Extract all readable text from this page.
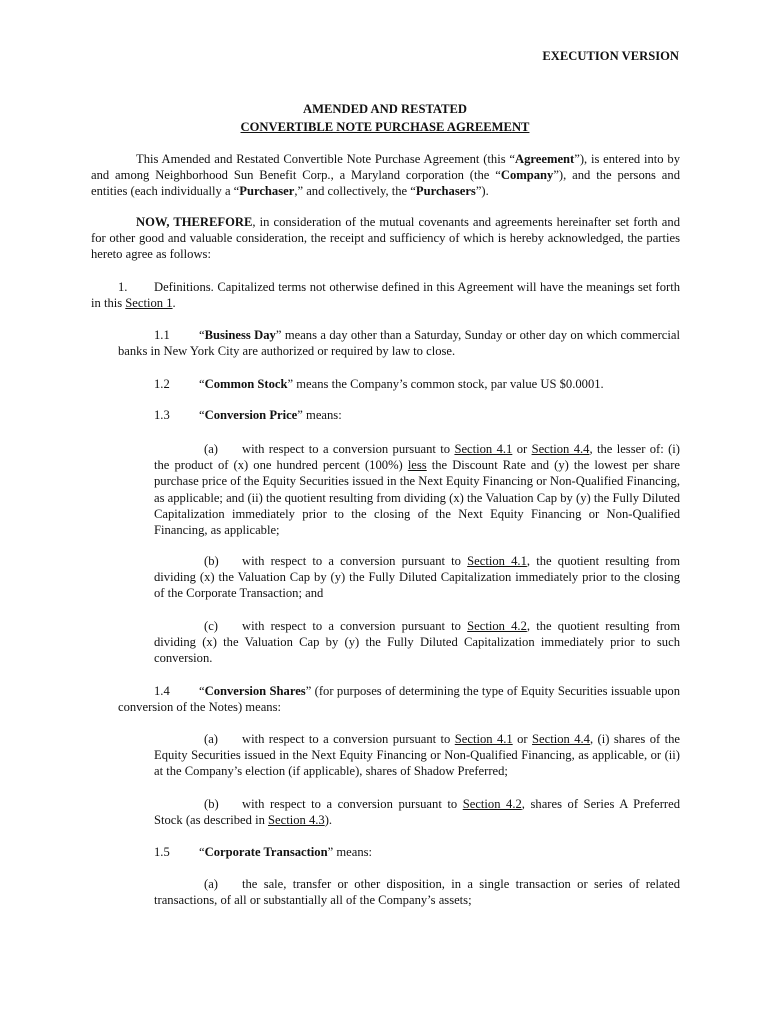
EXECUTION VERSION
AMENDED AND RESTATED
CONVERTIBLE NOTE PURCHASE AGREEMENT
This Amended and Restated Convertible Note Purchase Agreement (this “Agreement”), is entered into by and among Neighborhood Sun Benefit Corp., a Maryland corporation (the “Company”), and the persons and entities (each individually a “Purchaser,” and collectively, the “Purchasers”).
NOW, THEREFORE, in consideration of the mutual covenants and agreements hereinafter set forth and for other good and valuable consideration, the receipt and sufficiency of which is hereby acknowledged, the parties hereto agree as follows:
1. Definitions. Capitalized terms not otherwise defined in this Agreement will have the meanings set forth in this Section 1.
1.1 “Business Day” means a day other than a Saturday, Sunday or other day on which commercial banks in New York City are authorized or required by law to close.
1.2 “Common Stock” means the Company’s common stock, par value US $0.0001.
1.3 “Conversion Price” means:
(a) with respect to a conversion pursuant to Section 4.1 or Section 4.4, the lesser of: (i) the product of (x) one hundred percent (100%) less the Discount Rate and (y) the lowest per share purchase price of the Equity Securities issued in the Next Equity Financing or Non-Qualified Financing, as applicable; and (ii) the quotient resulting from dividing (x) the Valuation Cap by (y) the Fully Diluted Capitalization immediately prior to the closing of the Next Equity Financing or Non-Qualified Financing, as applicable;
(b) with respect to a conversion pursuant to Section 4.1, the quotient resulting from dividing (x) the Valuation Cap by (y) the Fully Diluted Capitalization immediately prior to the closing of the Corporate Transaction; and
(c) with respect to a conversion pursuant to Section 4.2, the quotient resulting from dividing (x) the Valuation Cap by (y) the Fully Diluted Capitalization immediately prior to such conversion.
1.4 “Conversion Shares” (for purposes of determining the type of Equity Securities issuable upon conversion of the Notes) means:
(a) with respect to a conversion pursuant to Section 4.1 or Section 4.4, (i) shares of the Equity Securities issued in the Next Equity Financing or Non-Qualified Financing, as applicable, or (ii) at the Company’s election (if applicable), shares of Shadow Preferred;
(b) with respect to a conversion pursuant to Section 4.2, shares of Series A Preferred Stock (as described in Section 4.3).
1.5 “Corporate Transaction” means:
(a) the sale, transfer or other disposition, in a single transaction or series of related transactions, of all or substantially all of the Company’s assets;
